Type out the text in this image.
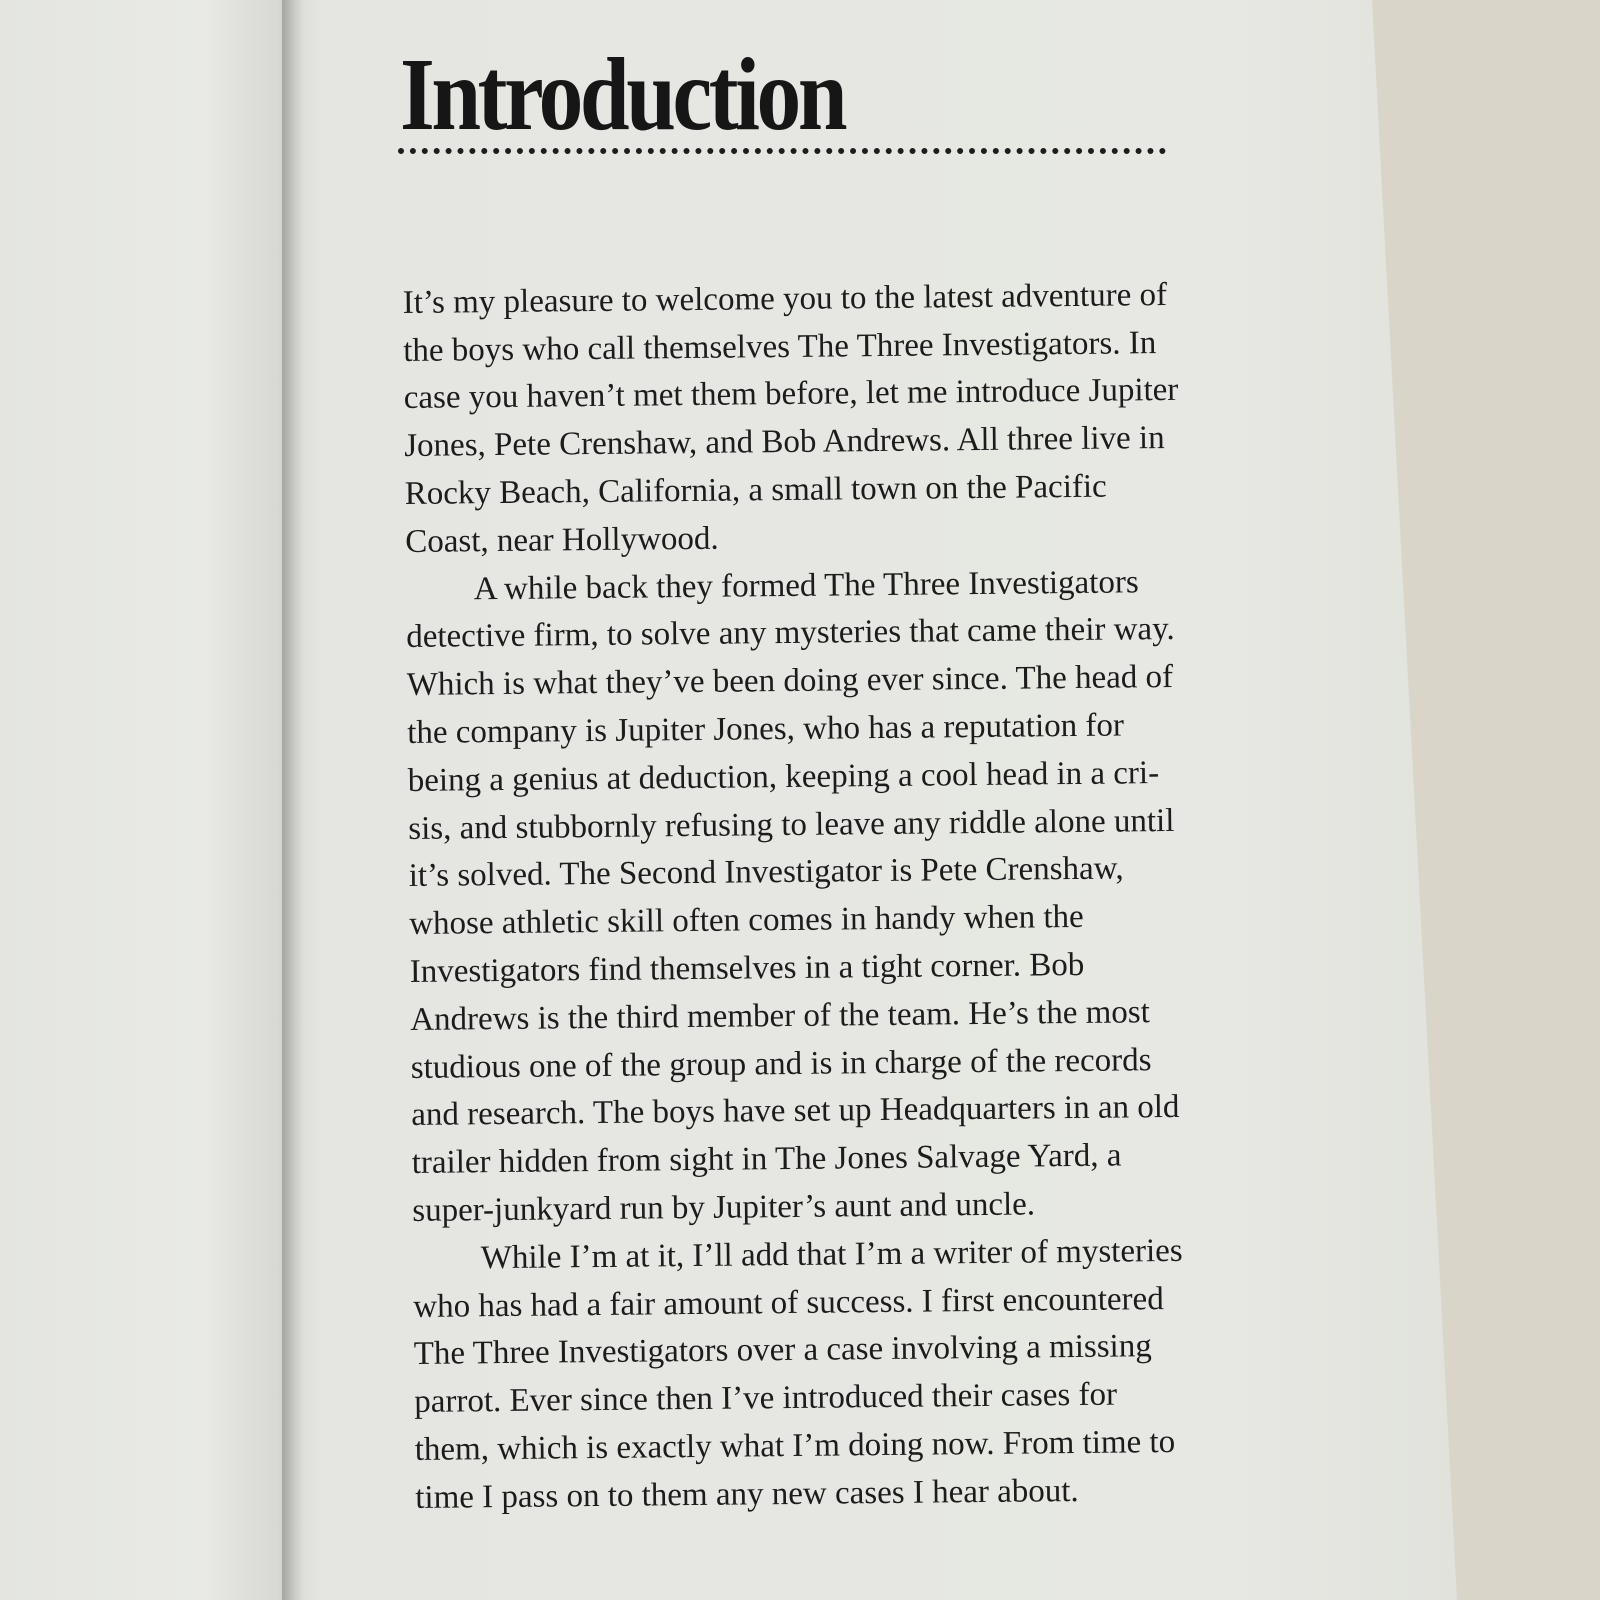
Introduction

It’s my pleasure to welcome you to the latest adventure of
the boys who call themselves The Three Investigators. In
case you haven’t met them before, let me introduce Jupiter
Jones, Pete Crenshaw, and Bob Andrews. All three live in
Rocky Beach, California, a small town on the Pacific
Coast, near Hollywood.

A while back they formed The Three Investigators
detective firm, to solve any mysteries that came their way.
Which is what they’ve been doing ever since. The head of
the company is Jupiter Jones, who has a reputation for
being a genius at deduction, keeping a cool head in a cri-
sis, and stubbornly refusing to leave any riddle alone until
it’s solved. The Second Investigator is Pete Crenshaw,
whose athletic skill often comes in handy when the
Investigators find themselves in a tight corner. Bob
Andrews is the third member of the team. He’s the most
studious one of the group and is in charge of the records
and research. The boys have set up Headquarters in an old
trailer hidden from sight in The Jones Salvage Yard, a
super-junkyard run by Jupiter’s aunt and uncle.

While I’m at it, I’ll add that I’m a writer of mysteries
who has had a fair amount of success. I first encountered
The Three Investigators over a case involving a missing
parrot. Ever since then I’ve introduced their cases for
them, which is exactly what I’m doing now. From time to
time I pass on to them any new cases I hear about.
